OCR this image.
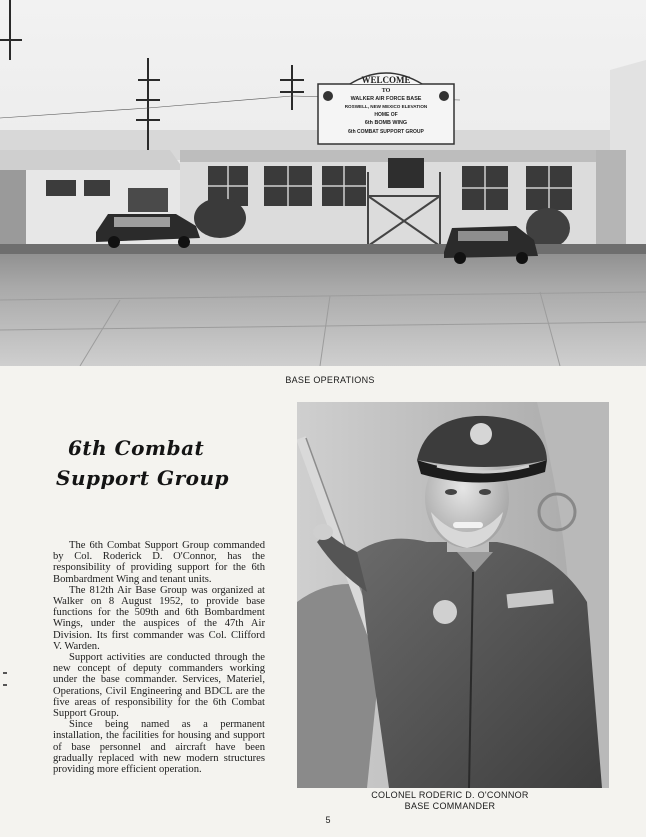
WELCOME
TO
WALKER AIR FORCE BASE
ROSWELL, NEW MEXICO ELEVATION
HOME OF
6th BOMB WING
6th COMBAT SUPPORT GROUP
BASE OPERATIONS
6th Combat
Support Group

The 6th Combat Support Group commanded by Col. Roderick D. O'Connor, has the responsibility of providing support for the 6th Bombardment Wing and tenant units.

The 812th Air Base Group was organized at Walker on 8 August 1952, to provide base functions for the 509th and 6th Bombardment Wings, under the auspices of the 47th Air Division. Its first commander was Col. Clifford V. Warden.

Support activities are conducted through the new concept of deputy commanders working under the base commander. Services, Materiel, Operations, Civil Engineering and BDCL are the five areas of responsibility for the 6th Combat Support Group.

Since being named as a permanent installation, the facilities for housing and support of base personnel and aircraft have been gradually replaced with new modern structures providing more efficient operation.

COLONEL RODERIC D. O'CONNOR
BASE COMMANDER
5
